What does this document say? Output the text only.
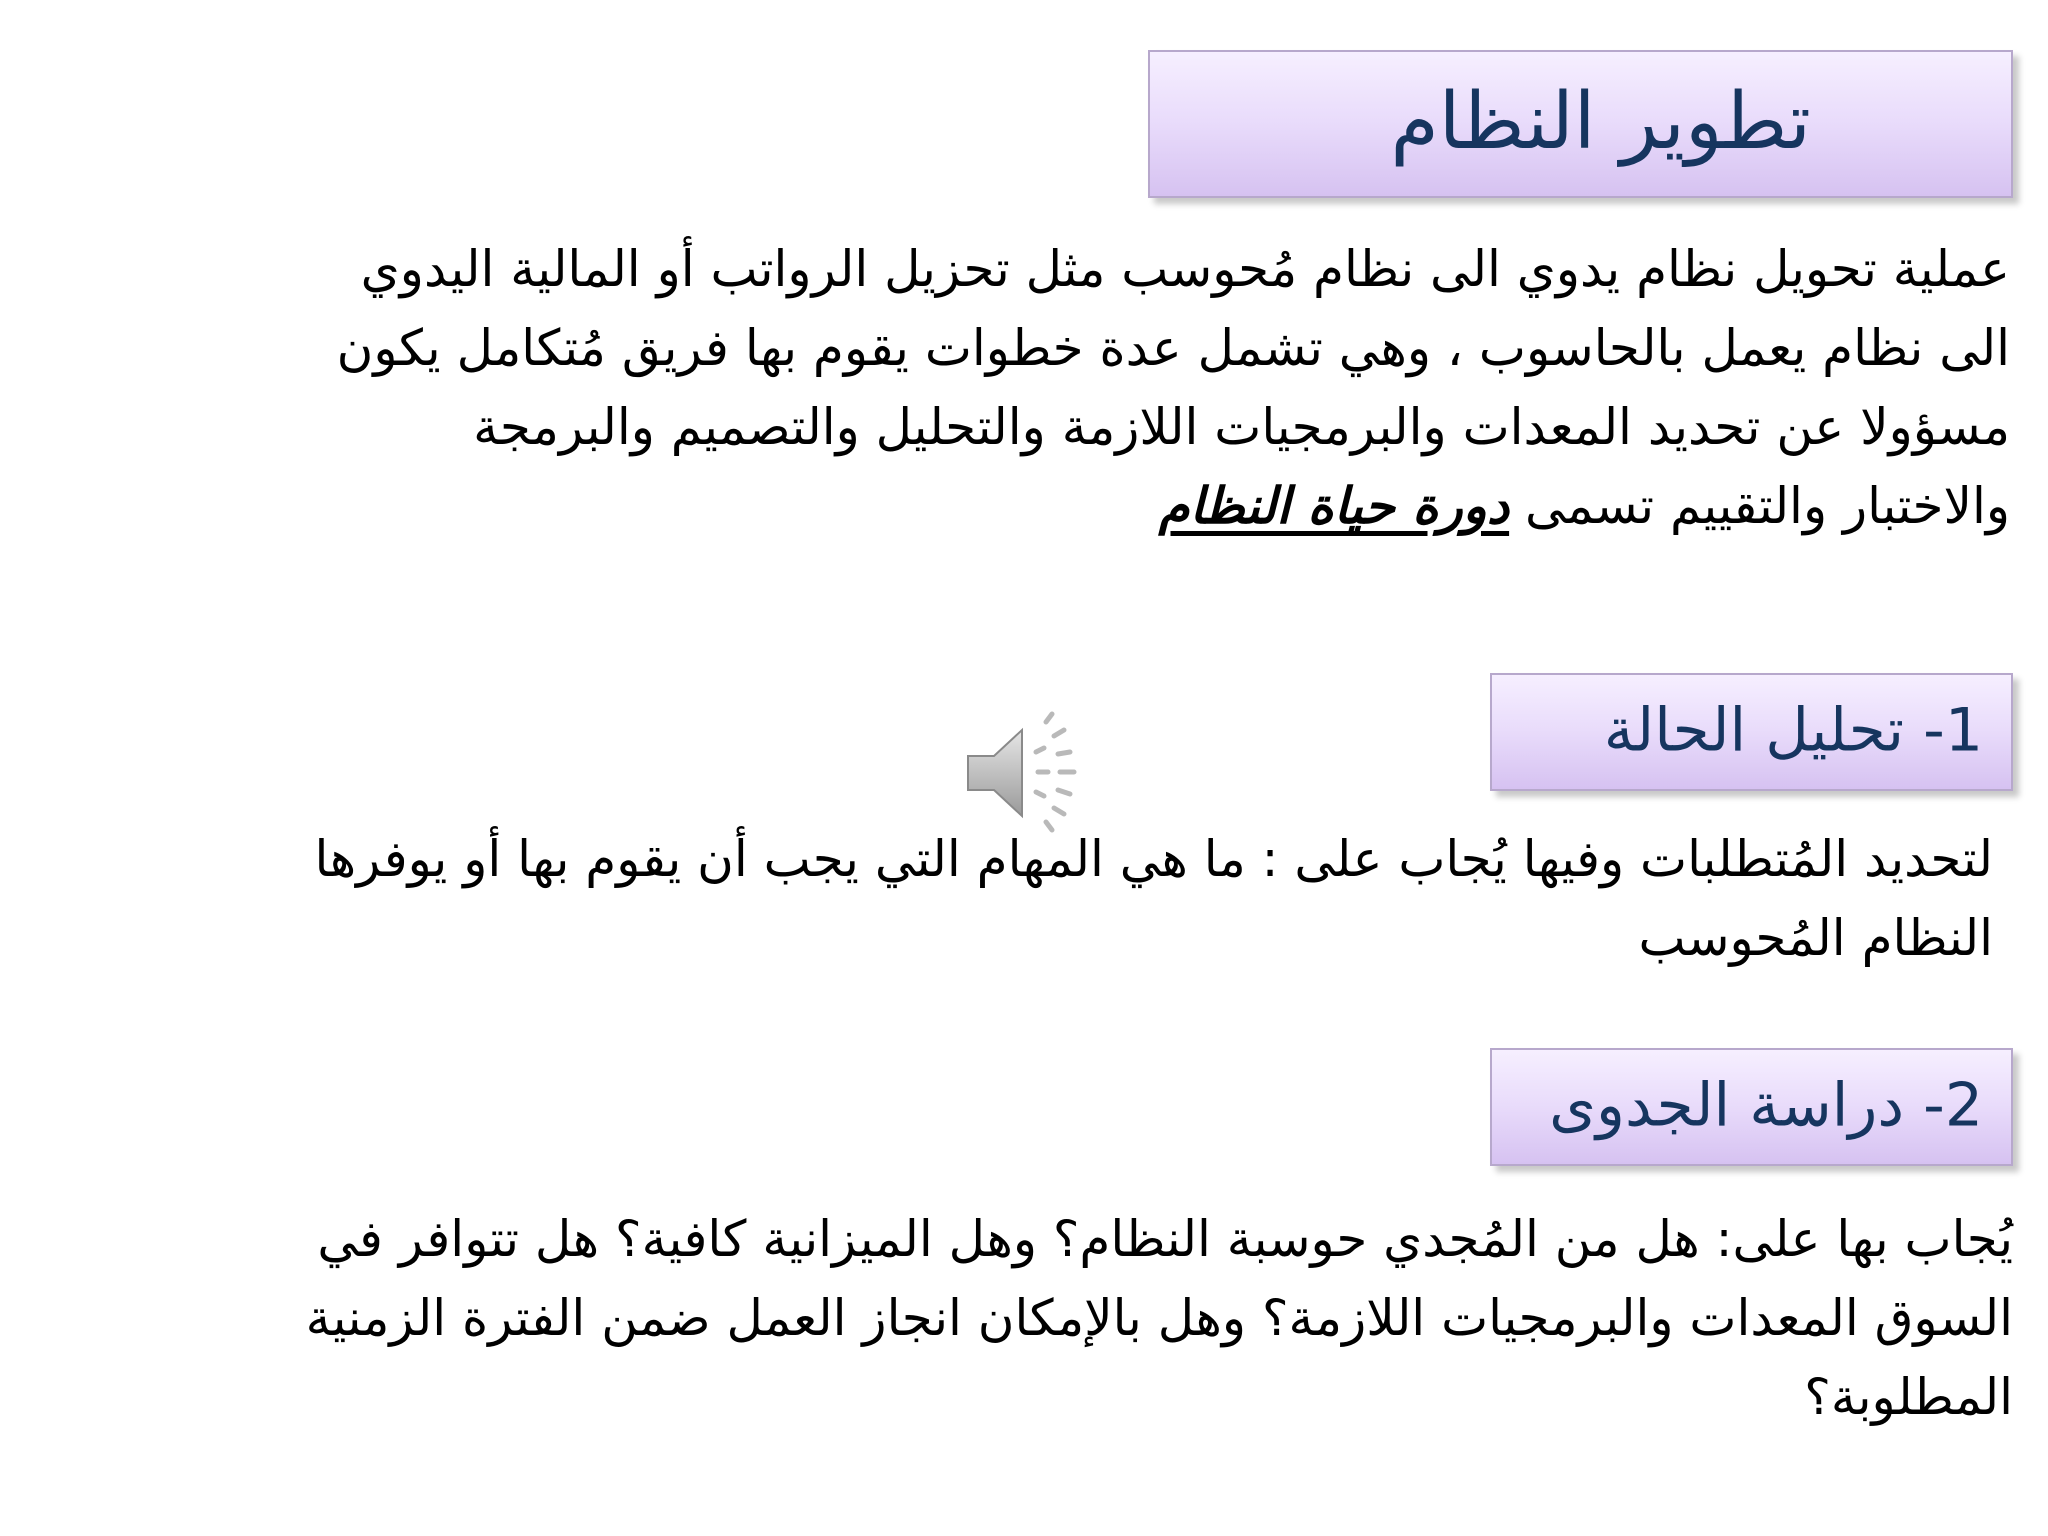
تطوير النظام
عملية تحويل نظام يدوي الى نظام مُحوسب مثل تحزيل الرواتب أو المالية اليدوي
الى نظام يعمل بالحاسوب ، وهي تشمل عدة خطوات يقوم بها فريق مُتكامل يكون
مسؤولا عن تحديد المعدات والبرمجيات اللازمة والتحليل والتصميم والبرمجة
والاختبار والتقييم تسمى دورة حياة النظام
1- تحليل الحالة
لتحديد المُتطلبات وفيها يُجاب على : ما هي المهام التي يجب أن يقوم بها أو يوفرها
النظام المُحوسب
2- دراسة الجدوى
يُجاب بها على: هل من المُجدي حوسبة النظام؟ وهل الميزانية كافية؟ هل تتوافر في
السوق المعدات والبرمجيات اللازمة؟ وهل بالإمكان انجاز العمل ضمن الفترة الزمنية
المطلوبة؟
